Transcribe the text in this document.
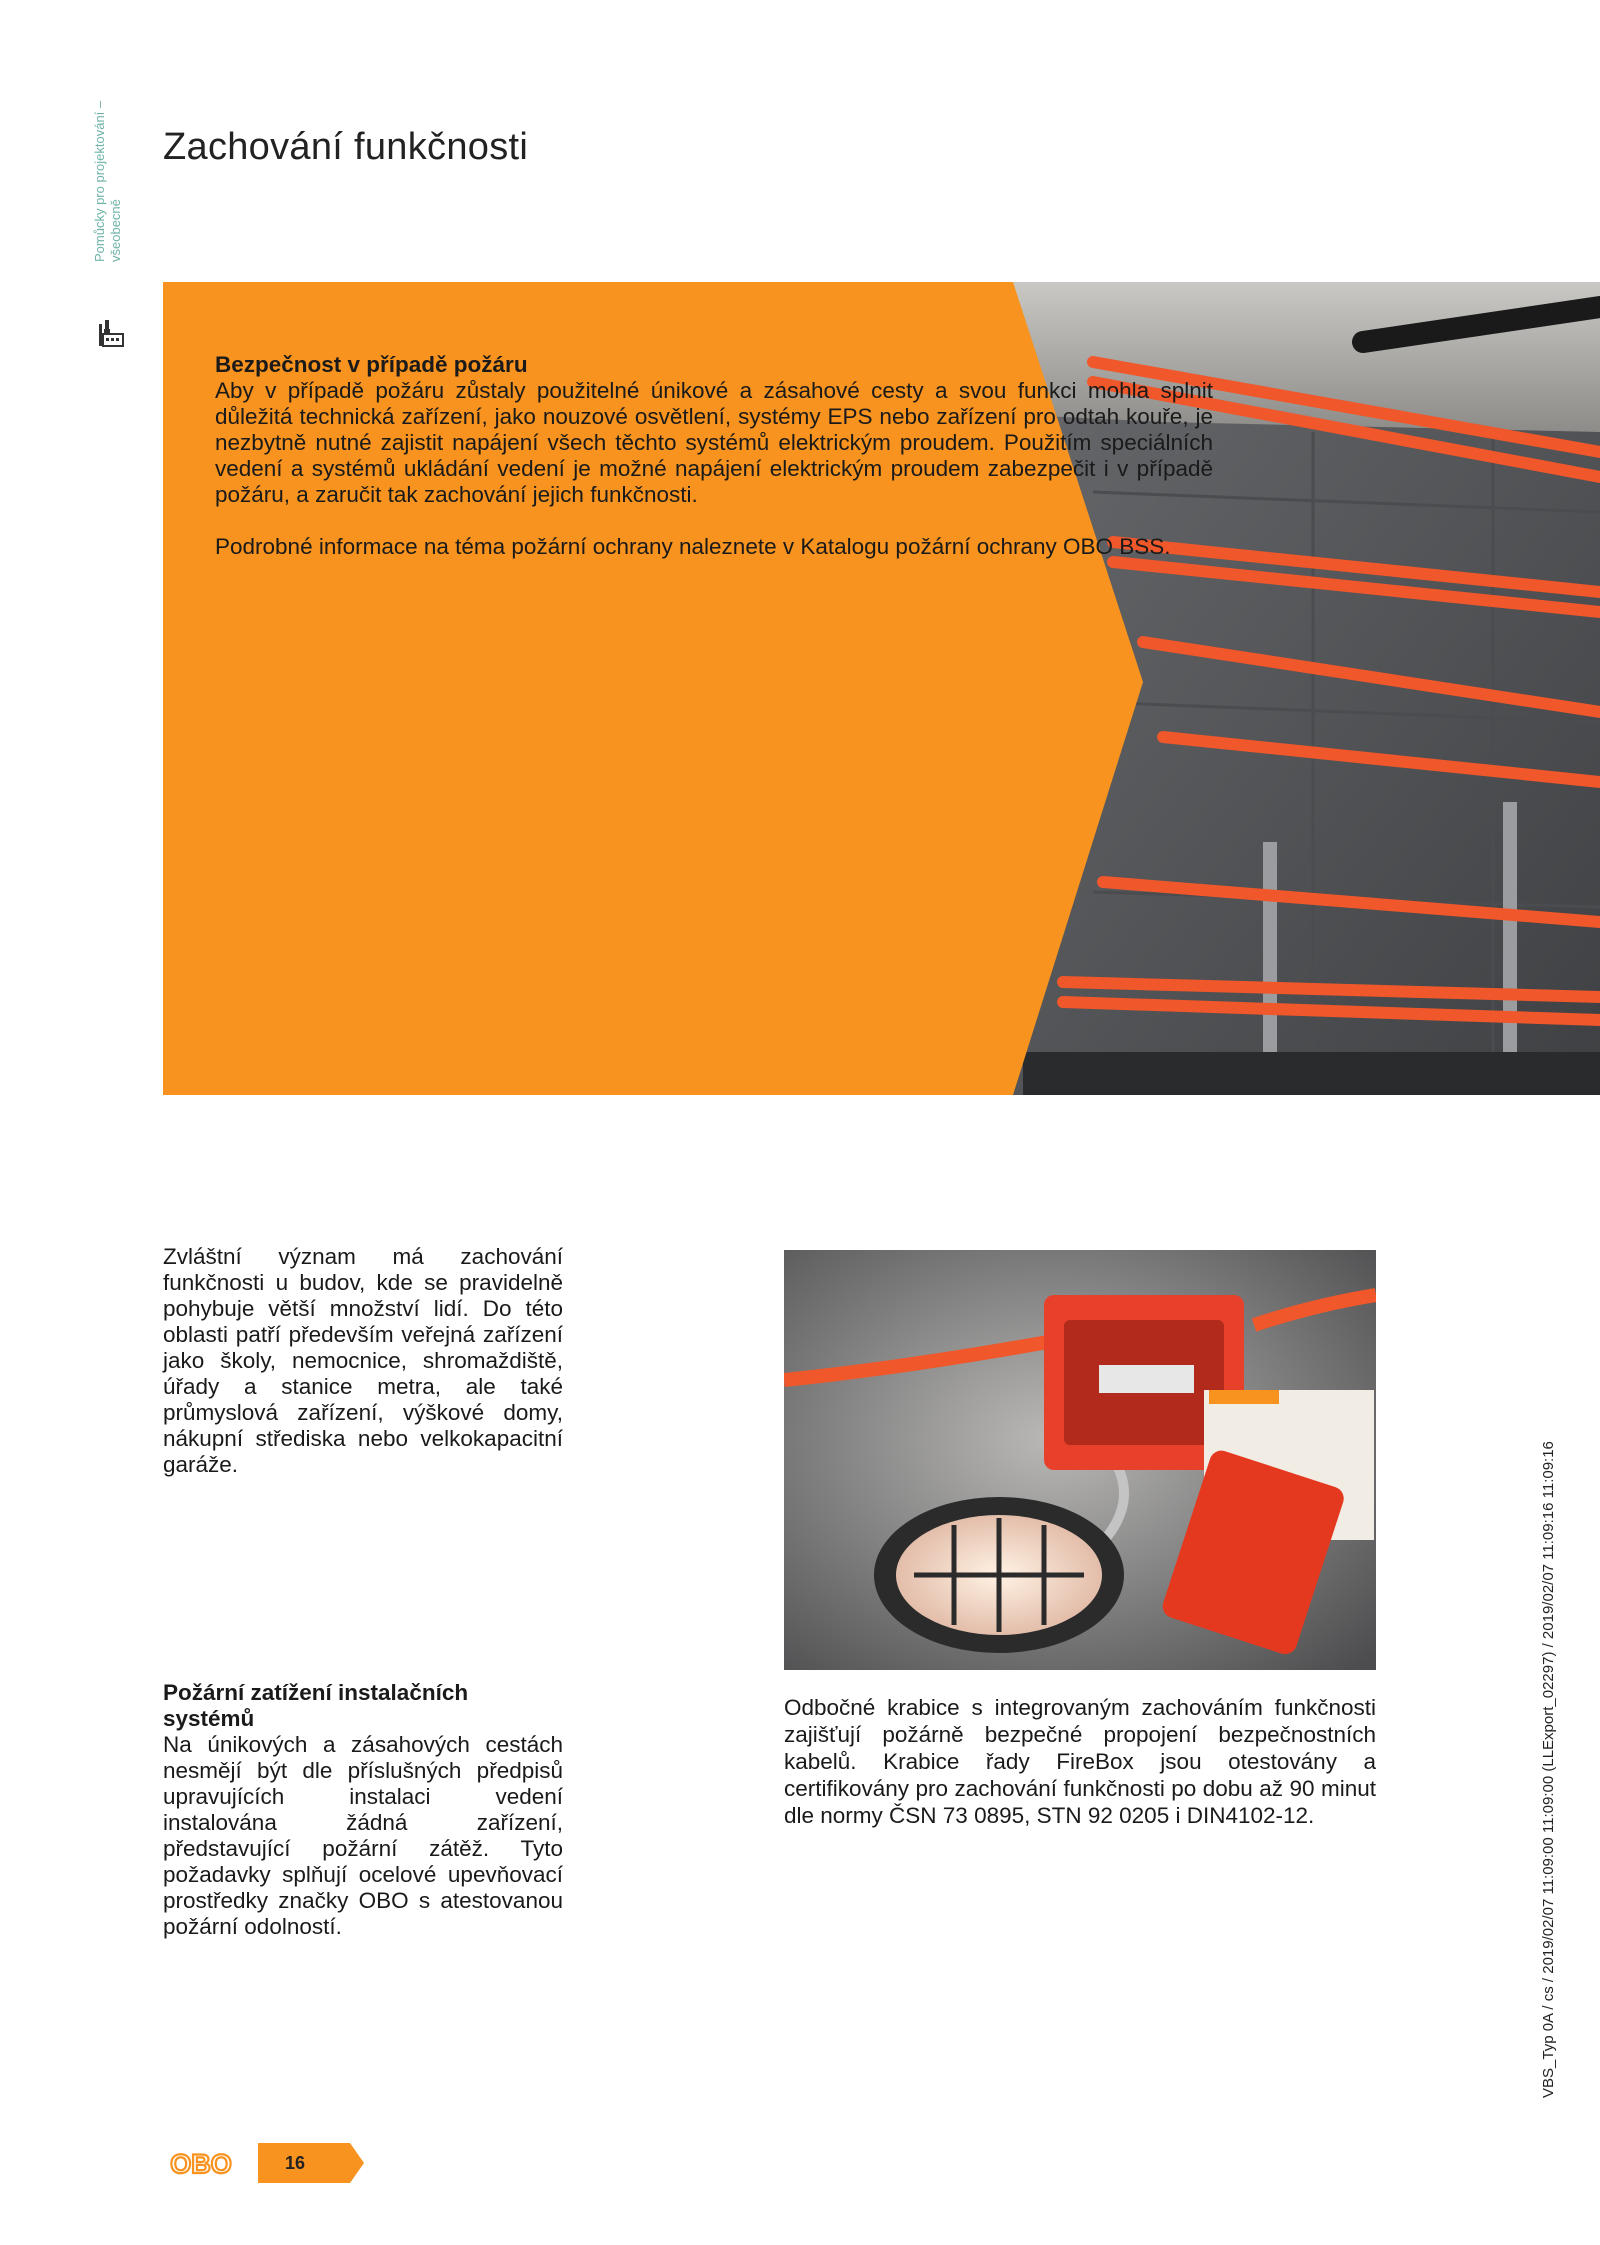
Pomůcky pro projektování – všeobecně
Zachování funkčnosti

Bezpečnost v případě požáru

Aby v případě požáru zůstaly použitelné únikové a zásahové cesty a svou funkci mohla splnit důležitá technická zařízení, jako nouzové osvětlení, systémy EPS nebo zařízení pro odtah kouře, je nezbytně nutné zajistit napájení všech těchto systémů elektrickým proudem. Použitím speciálních vedení a systémů ukládání vedení je možné napájení elektrickým proudem zabezpečit i v případě požáru, a zaručit tak zachování jejich funkčnosti.

Podrobné informace na téma požární ochrany naleznete v Katalogu požární ochrany OBO BSS.

Zvláštní význam má zachování funkčnosti u budov, kde se pravidelně pohybuje větší množství lidí. Do této oblasti patří především veřejná zařízení jako školy, nemocnice, shromaždiště, úřady a stanice metra, ale také průmyslová zařízení, výškové domy, nákupní střediska nebo velkokapacitní garáže.

Požární zatížení instalačních systémů

Na únikových a zásahových cestách nesmějí být dle příslušných předpisů upravujících instalaci vedení instalována žádná zařízení, představující požární zátěž. Tyto požadavky splňují ocelové upevňovací prostředky značky OBO s atestovanou požární odolností.

Odbočné krabice s integrovaným zachováním funkčnosti zajišťují požárně bezpečné propojení bezpečnostních kabelů. Krabice řady FireBox jsou otestovány a certifikovány pro zachování funkčnosti po dobu až 90 minut dle normy ČSN 73 0895, STN 92 0205 i DIN4102-12.	VBS_Typ 0A / cs / 2019/02/07 11:09:00 11:09:00 (LLExport_02297) / 2019/02/07 11:09:16 11:09:16
OBO	16
